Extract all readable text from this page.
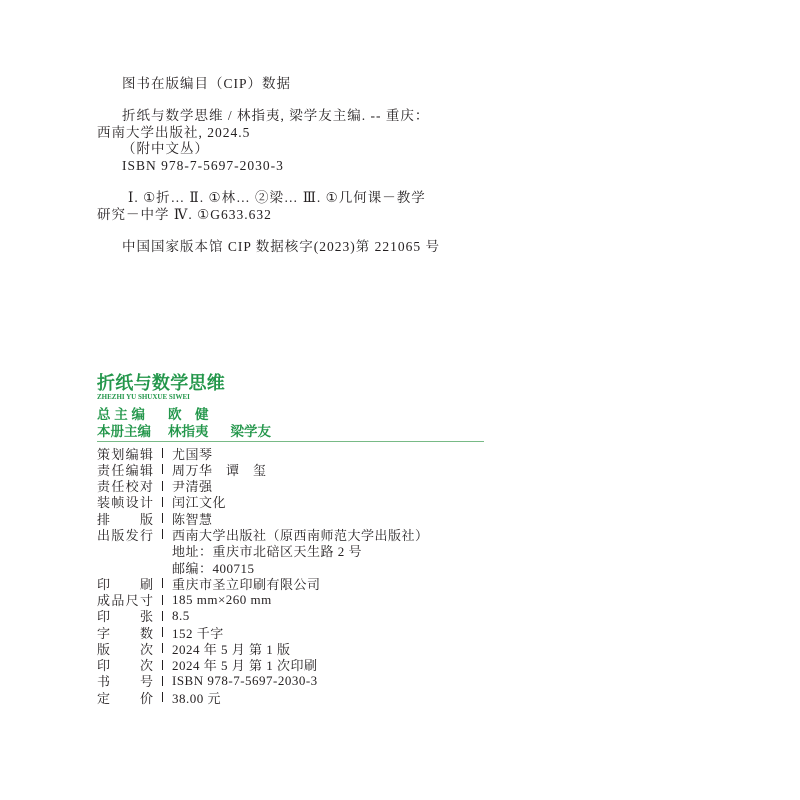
图书在版编目（CIP）数据
折纸与数学思维 / 林指夷, 梁学友主编. -- 重庆：
西南大学出版社, 2024.5
（附中文丛）
ISBN 978-7-5697-2030-3
Ⅰ. ①折… Ⅱ. ①林… ②梁… Ⅲ. ①几何课－教学
研究－中学 Ⅳ. ①G633.632
中国国家版本馆 CIP 数据核字(2023)第 221065 号
折纸与数学思维
ZHEZHI YU SHUXUE SIWEI
总 主 编	欧　健
本册主编	林指夷 梁学友
策 划 编 辑 尤国琴
责 任 编 辑 周万华　谭　玺
责 任 校 对 尹清强
装 帧 设 计 闰江文化
排 版 陈智慧
出 版 发 行 西南大学出版社（原西南师范大学出版社）
地址：重庆市北碚区天生路 2 号
邮编：400715
印 刷 重庆市圣立印刷有限公司
成 品 尺 寸 185 mm×260 mm
印 张 8.5
字 数 152 千字
版 次 2024 年 5 月 第 1 版
印 次 2024 年 5 月 第 1 次印刷
书 号 ISBN 978-7-5697-2030-3
定 价 38.00 元
